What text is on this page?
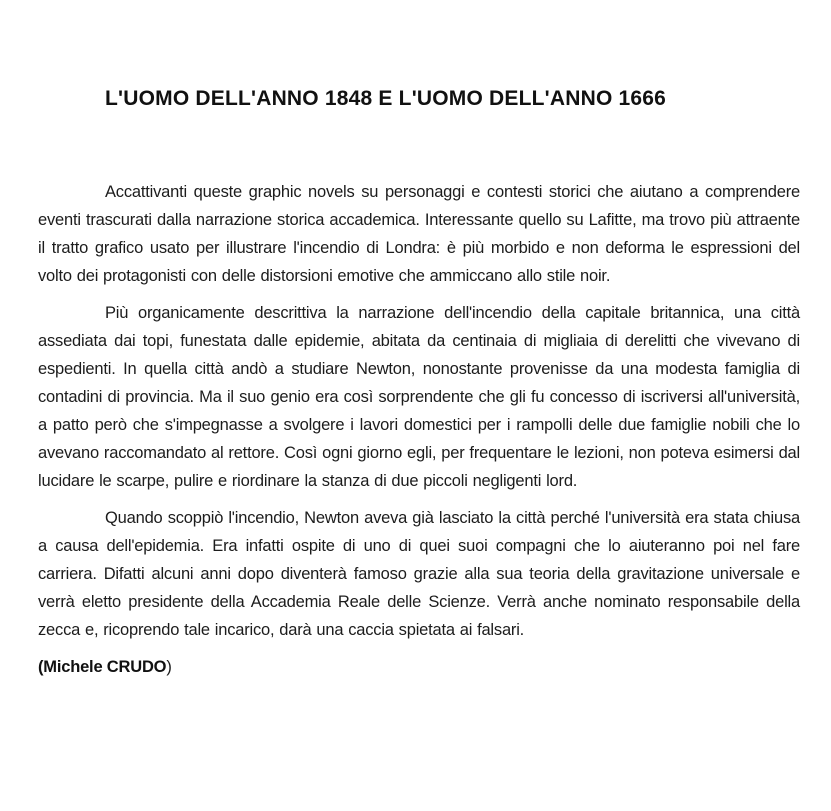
L'UOMO DELL'ANNO 1848 E L'UOMO DELL'ANNO 1666

Accattivanti queste graphic novels su personaggi e contesti storici che aiutano a comprendere eventi trascurati dalla narrazione storica accademica. Interessante quello su Lafitte, ma trovo più attraente il tratto grafico usato per illustrare l'incendio di Londra: è più morbido e non deforma le espressioni del volto dei protagonisti con delle distorsioni emotive che ammiccano allo stile noir.

Più organicamente descrittiva la narrazione dell'incendio della capitale britannica, una città assediata dai topi, funestata dalle epidemie, abitata da centinaia di migliaia di derelitti che vivevano di espedienti. In quella città andò a studiare Newton, nonostante provenisse da una modesta famiglia di contadini di provincia. Ma il suo genio era così sorprendente che gli fu concesso di iscriversi all'università, a patto però che s'impegnasse a svolgere i lavori domestici per i rampolli delle due famiglie nobili che lo avevano raccomandato al rettore. Così ogni giorno egli, per frequentare le lezioni, non poteva esimersi dal lucidare le scarpe, pulire e riordinare la stanza di due piccoli negligenti lord.

Quando scoppiò l'incendio, Newton aveva già lasciato la città perché l'università era stata chiusa a causa dell'epidemia. Era infatti ospite di uno di quei suoi compagni che lo aiuteranno poi nel fare carriera. Difatti alcuni anni dopo diventerà famoso grazie alla sua teoria della gravitazione universale e verrà eletto presidente della Accademia Reale delle Scienze. Verrà anche nominato responsabile della zecca e, ricoprendo tale incarico, darà una caccia spietata ai falsari.

(Michele CRUDO)
